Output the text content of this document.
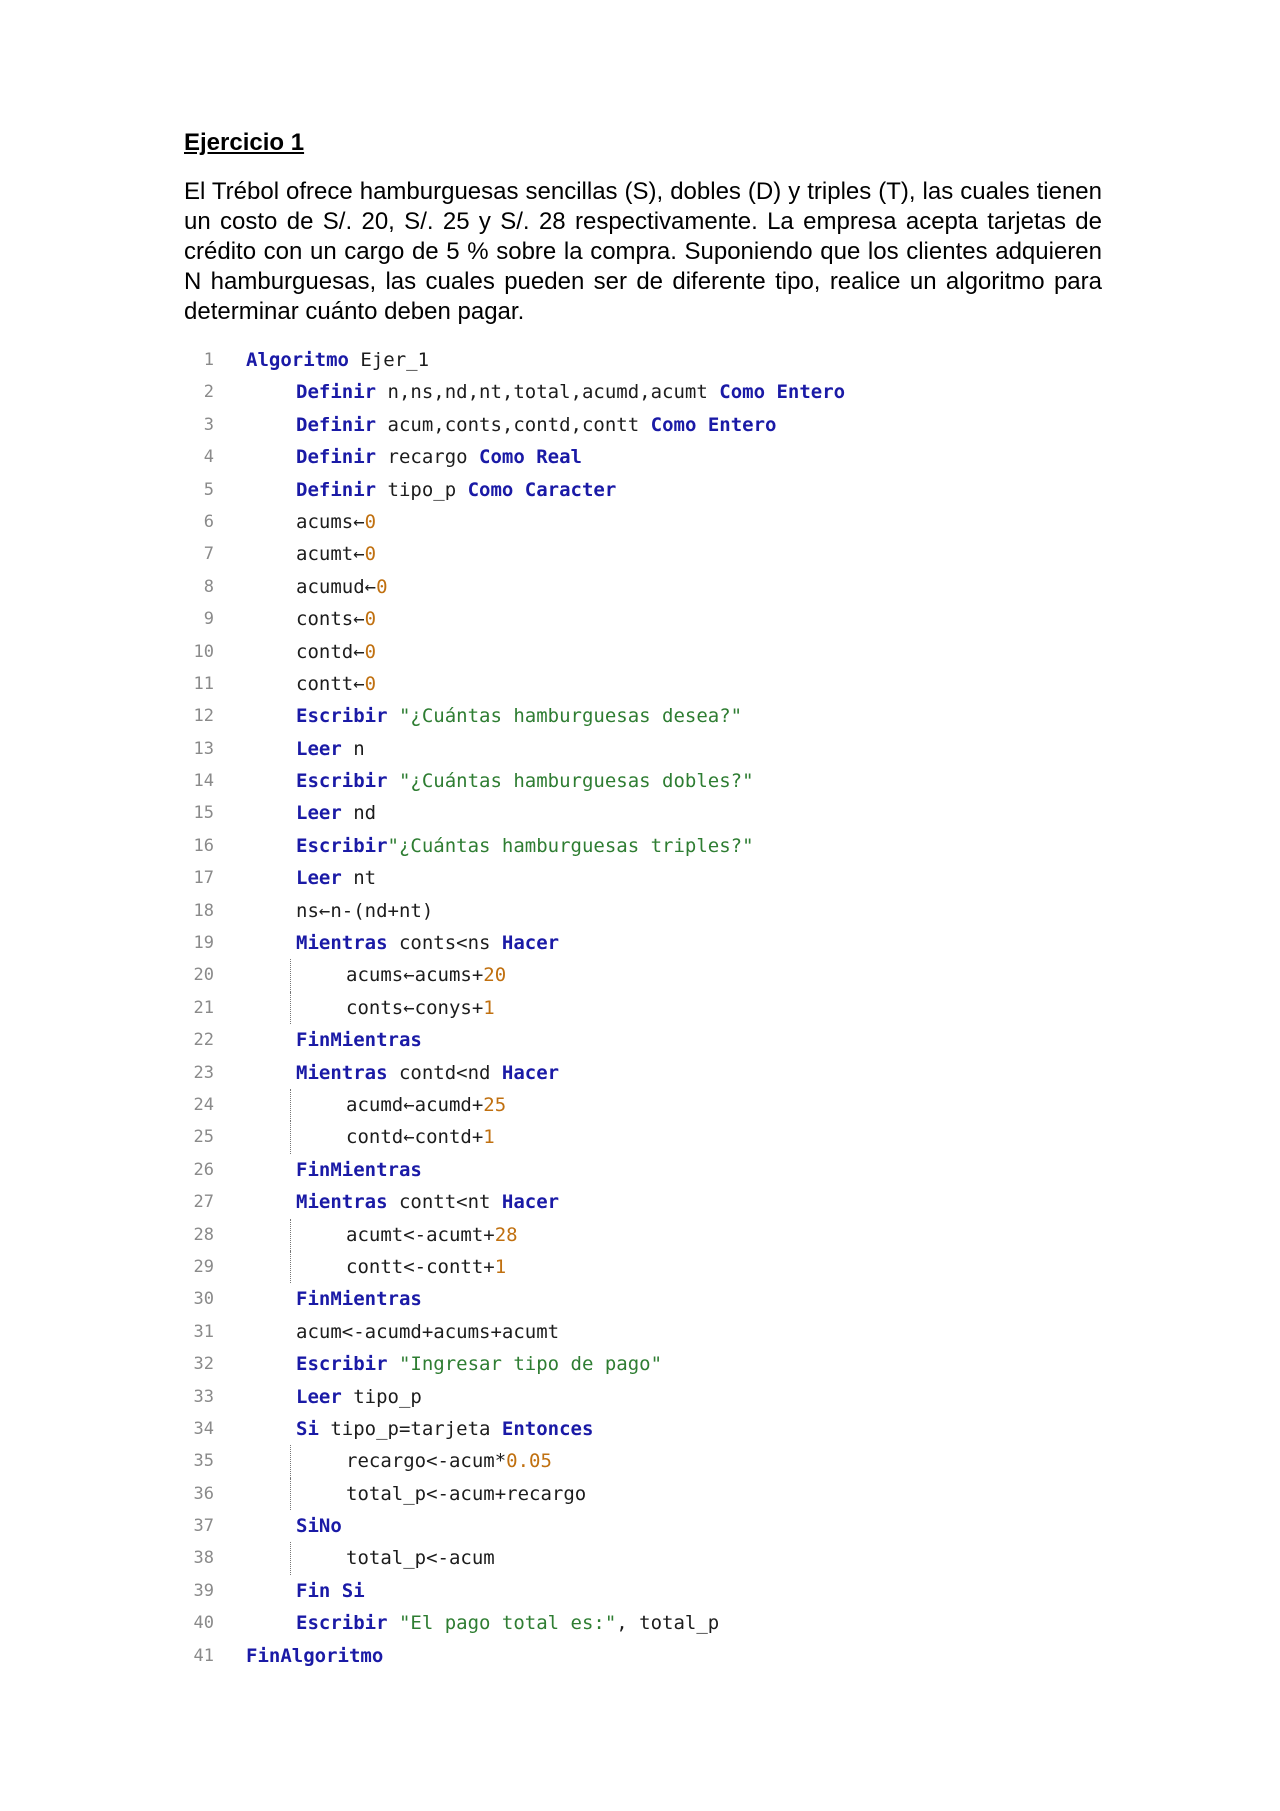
Ejercicio 1

El Trébol ofrece hamburguesas sencillas (S), dobles (D) y triples (T), las cuales tienen un costo de S/. 20, S/. 25 y S/. 28 respectivamente. La empresa acepta tarjetas de crédito con un cargo de 5 % sobre la compra. Suponiendo que los clientes adquieren N hamburguesas, las cuales pueden ser de diferente tipo, realice un algoritmo para determinar cuánto deben pagar.

1 Algoritmo Ejer_1
2	Definir n,ns,nd,nt,total,acumd,acumt Como Entero
3	Definir acum,conts,contd,contt Como Entero
4	Definir recargo Como Real
5	Definir tipo_p Como Caracter
6	acums←0
7	acumt←0
8	acumud←0
9	conts←0
10	contd←0
11	contt←0
12	Escribir "¿Cuántas hamburguesas desea?"
13	Leer n
14	Escribir "¿Cuántas hamburguesas dobles?"
15	Leer nd
16	Escribir"¿Cuántas hamburguesas triples?"
17	Leer nt
18	ns←n-(nd+nt)
19	Mientras conts<ns Hacer
20	acums←acums+20
21	conts←conys+1
22	FinMientras
23	Mientras contd<nd Hacer
24	acumd←acumd+25
25	contd←contd+1
26	FinMientras
27	Mientras contt<nt Hacer
28	acumt<-acumt+28
29	contt<-contt+1
30	FinMientras
31	acum<-acumd+acums+acumt
32	Escribir "Ingresar tipo de pago"
33	Leer tipo_p
34	Si tipo_p=tarjeta Entonces
35	recargo<-acum*0.05
36	total_p<-acum+recargo
37	SiNo
38	total_p<-acum
39	Fin Si
40	Escribir "El pago total es:", total_p
41 FinAlgoritmo
